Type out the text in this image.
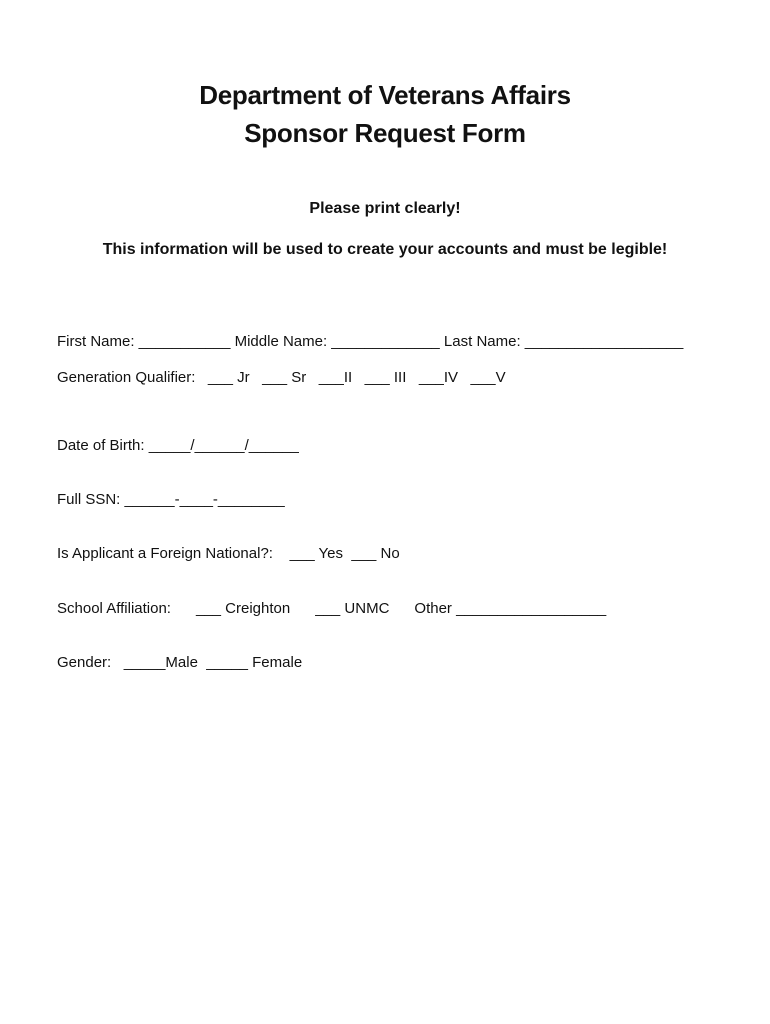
Department of Veterans Affairs
Sponsor Request Form
Please print clearly!
This information will be used to create your accounts and must be legible!
First Name: ___________ Middle Name: _____________ Last Name: ___________________
Generation Qualifier:   ___ Jr   ___ Sr   ___II   ___ III   ___IV   ___V
Date of Birth: _____/______/______
Full SSN: ______-____-________
Is Applicant a Foreign National?:    ___ Yes  ___ No
School Affiliation:      ___ Creighton      ___ UNMC      Other __________________
Gender:   _____Male  _____ Female
